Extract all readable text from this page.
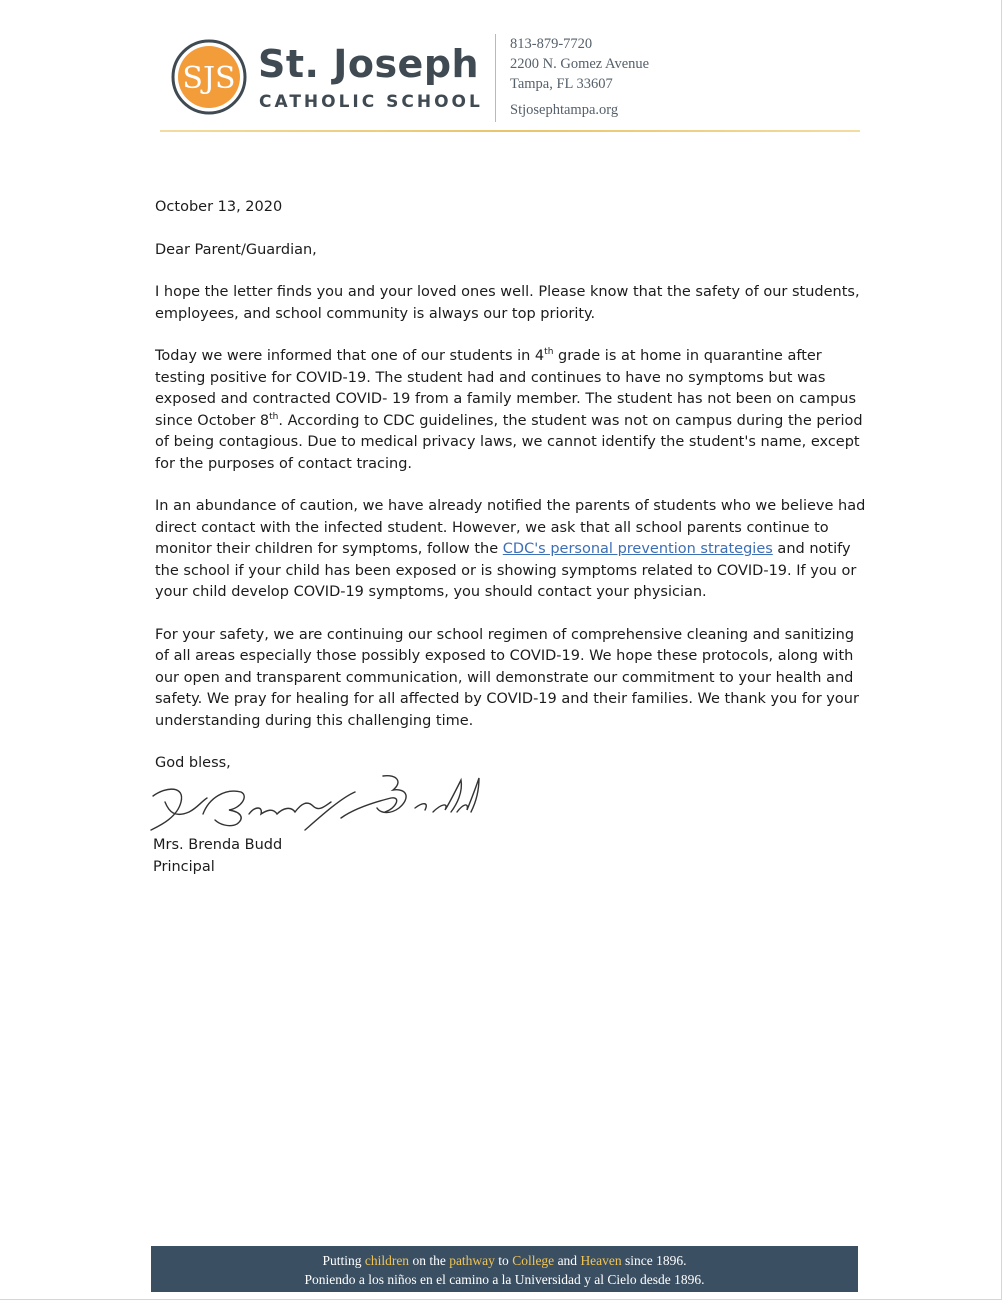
SJS St. Joseph
CATHOLIC SCHOOL
813-879-7720
2200 N. Gomez Avenue
Tampa, FL 33607
Stjosephtampa.org

October 13, 2020

Dear Parent/Guardian,

I hope the letter finds you and your loved ones well. Please know that the safety of our students, employees, and school community is always our top priority.

Today we were informed that one of our students in 4th grade is at home in quarantine after testing positive for COVID-19. The student had and continues to have no symptoms but was exposed and contracted COVID- 19 from a family member. The student has not been on campus since October 8th. According to CDC guidelines, the student was not on campus during the period of being contagious. Due to medical privacy laws, we cannot identify the student's name, except for the purposes of contact tracing.

In an abundance of caution, we have already notified the parents of students who we believe had direct contact with the infected student. However, we ask that all school parents continue to monitor their children for symptoms, follow the CDC's personal prevention strategies and notify the school if your child has been exposed or is showing symptoms related to COVID-19. If you or your child develop COVID-19 symptoms, you should contact your physician.

For your safety, we are continuing our school regimen of comprehensive cleaning and sanitizing of all areas especially those possibly exposed to COVID-19. We hope these protocols, along with our open and transparent communication, will demonstrate our commitment to your health and safety. We pray for healing for all affected by COVID-19 and their families. We thank you for your understanding during this challenging time.

God bless,

Mrs. Brenda Budd
Principal
Putting children on the pathway to College and Heaven since 1896.
Poniendo a los niños en el camino a la Universidad y al Cielo desde 1896.
